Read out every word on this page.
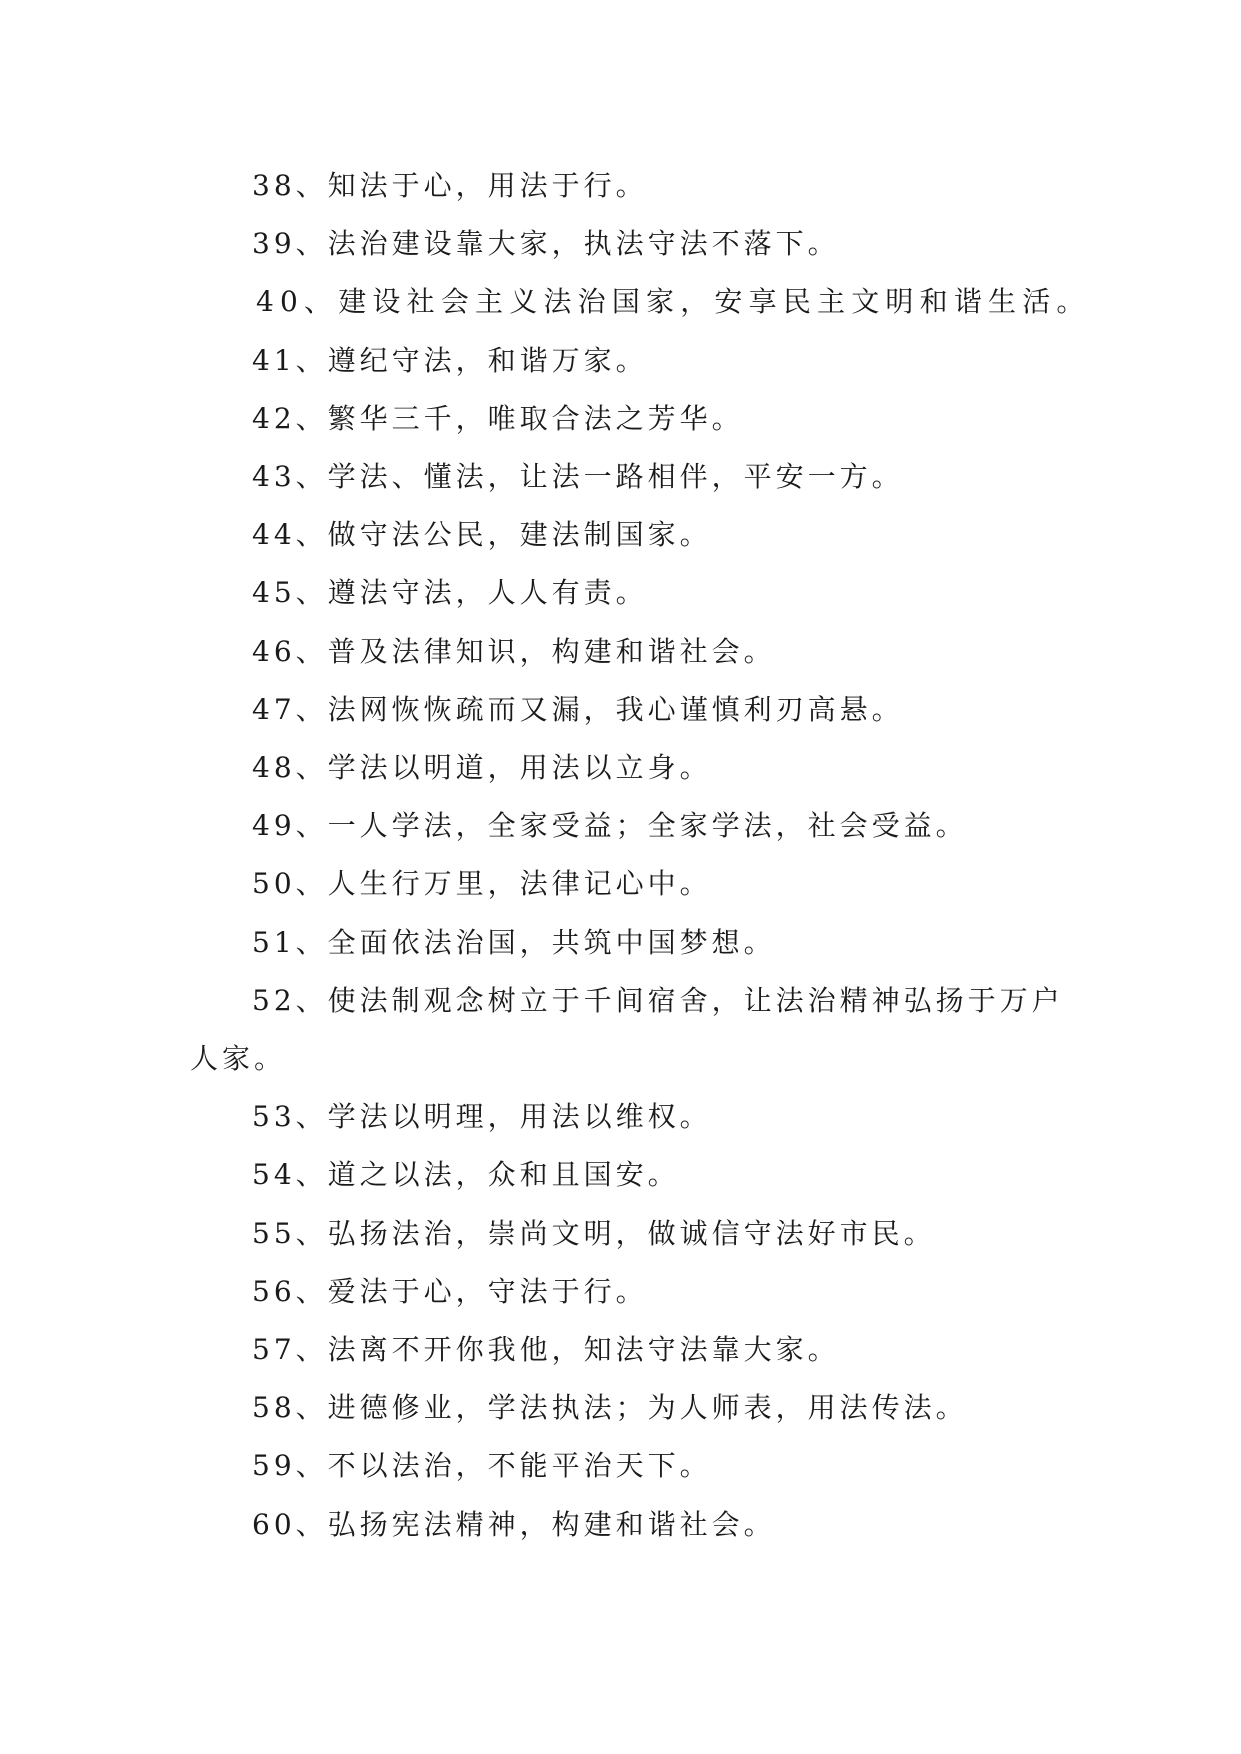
38、知法于心，用法于行。

39、法治建设靠大家，执法守法不落下。

40、建设社会主义法治国家，安享民主文明和谐生活。

41、遵纪守法，和谐万家。

42、繁华三千，唯取合法之芳华。

43、学法、懂法，让法一路相伴，平安一方。

44、做守法公民，建法制国家。

45、遵法守法，人人有责。

46、普及法律知识，构建和谐社会。

47、法网恢恢疏而又漏，我心谨慎利刃高悬。

48、学法以明道，用法以立身。

49、一人学法，全家受益；全家学法，社会受益。

50、人生行万里，法律记心中。

51、全面依法治国，共筑中国梦想。

52、使法制观念树立于千间宿舍，让法治精神弘扬于万户人家。

53、学法以明理，用法以维权。

54、道之以法，众和且国安。

55、弘扬法治，崇尚文明，做诚信守法好市民。

56、爱法于心，守法于行。

57、法离不开你我他，知法守法靠大家。

58、进德修业，学法执法；为人师表，用法传法。

59、不以法治，不能平治天下。

60、弘扬宪法精神，构建和谐社会。
